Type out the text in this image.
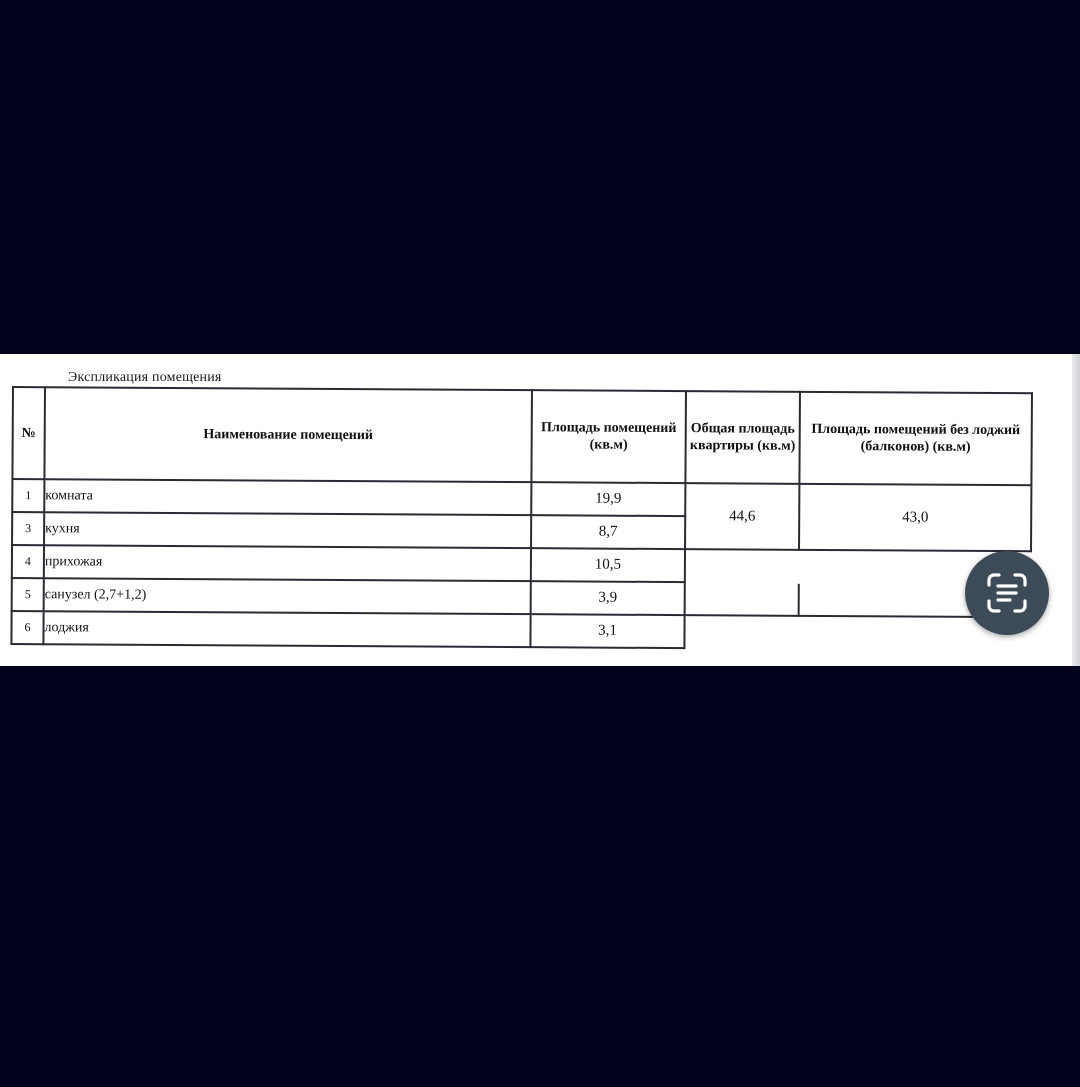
Экспликация помещения
№	Наименование помещений	Площадь помещений (кв.м)	Общая площадь квартиры (кв.м)	Площадь помещений без лоджий (балконов) (кв.м)
1	комната	19,9	44,6	43,0
3	кухня	8,7		
4	прихожая	10,5		
5	санузел (2,7+1,2)	3,9		
6	лоджия	3,1		
